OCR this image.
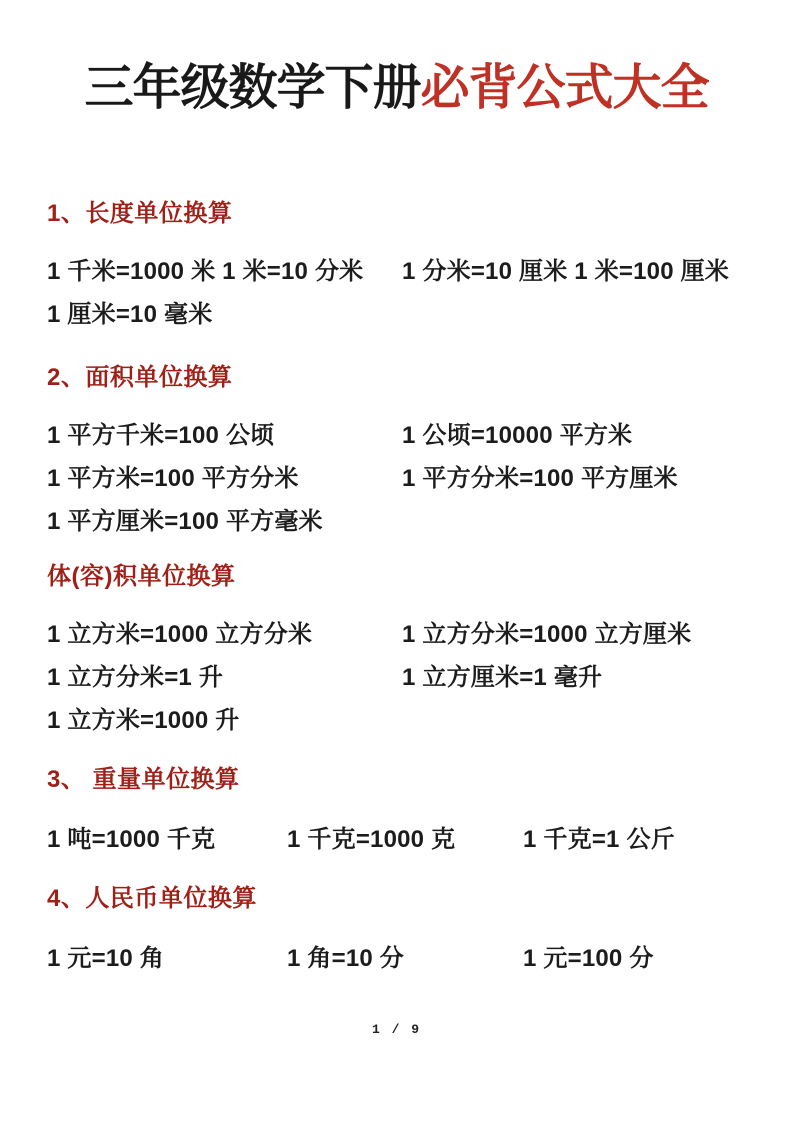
三年级数学下册必背公式大全
1、长度单位换算
1 千米=1000 米 1 米=10 分米	1 分米=10 厘米 1 米=100 厘米
1 厘米=10 毫米
2、面积单位换算
1 平方千米=100 公顷	1 公顷=10000 平方米
1 平方米=100 平方分米	1 平方分米=100 平方厘米
1 平方厘米=100 平方毫米
体(容)积单位换算
1 立方米=1000 立方分米	1 立方分米=1000 立方厘米
1 立方分米=1 升	1 立方厘米=1 毫升
1 立方米=1000 升
3、 重量单位换算
1 吨=1000 千克	1 千克=1000 克	1 千克=1 公斤
4、人民币单位换算
1 元=10 角	1 角=10 分	1 元=100 分
1 / 9
